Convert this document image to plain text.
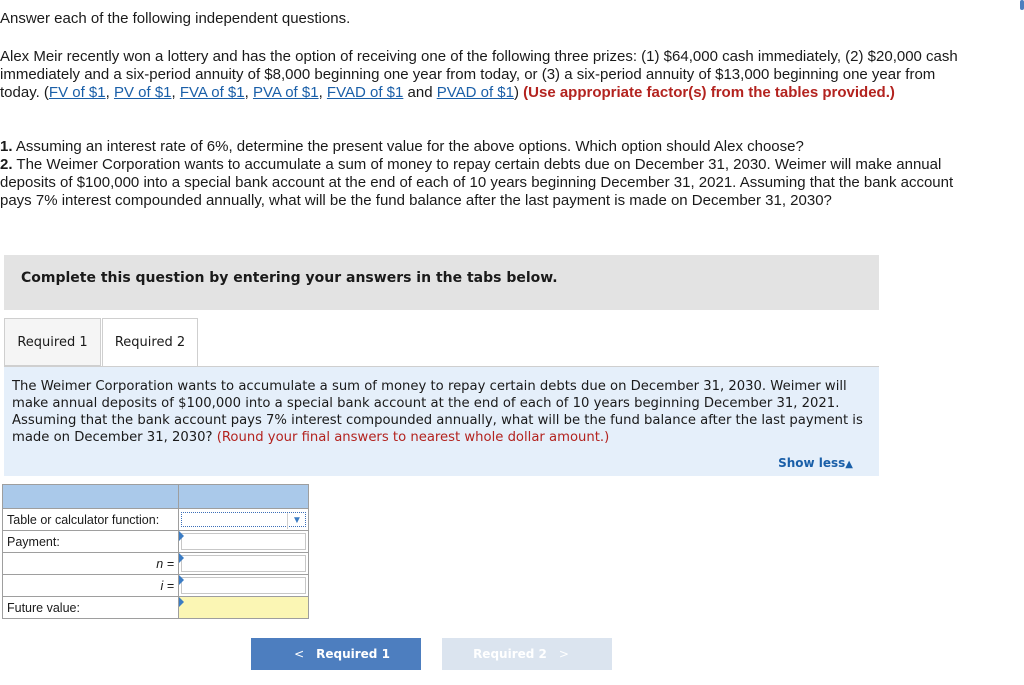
Answer each of the following independent questions.
Alex Meir recently won a lottery and has the option of receiving one of the following three prizes: (1) $64,000 cash immediately, (2) $20,000 cash immediately and a six-period annuity of $8,000 beginning one year from today, or (3) a six-period annuity of $13,000 beginning one year from today. (FV of $1, PV of $1, FVA of $1, PVA of $1, FVAD of $1 and PVAD of $1) (Use appropriate factor(s) from the tables provided.)
1. Assuming an interest rate of 6%, determine the present value for the above options. Which option should Alex choose?
2. The Weimer Corporation wants to accumulate a sum of money to repay certain debts due on December 31, 2030. Weimer will make annual deposits of $100,000 into a special bank account at the end of each of 10 years beginning December 31, 2021. Assuming that the bank account pays 7% interest compounded annually, what will be the fund balance after the last payment is made on December 31, 2030?
Complete this question by entering your answers in the tabs below.
Required 1	Required 2
The Weimer Corporation wants to accumulate a sum of money to repay certain debts due on December 31, 2030. Weimer will make annual deposits of $100,000 into a special bank account at the end of each of 10 years beginning December 31, 2021. Assuming that the bank account pays 7% interest compounded annually, what will be the fund balance after the last payment is made on December 31, 2030? (Round your final answers to nearest whole dollar amount.)
Show less▲

Table or calculator function:	▼

Payment:	

n =	

i =	

Future value:	
< Required 1	Required 2 >
